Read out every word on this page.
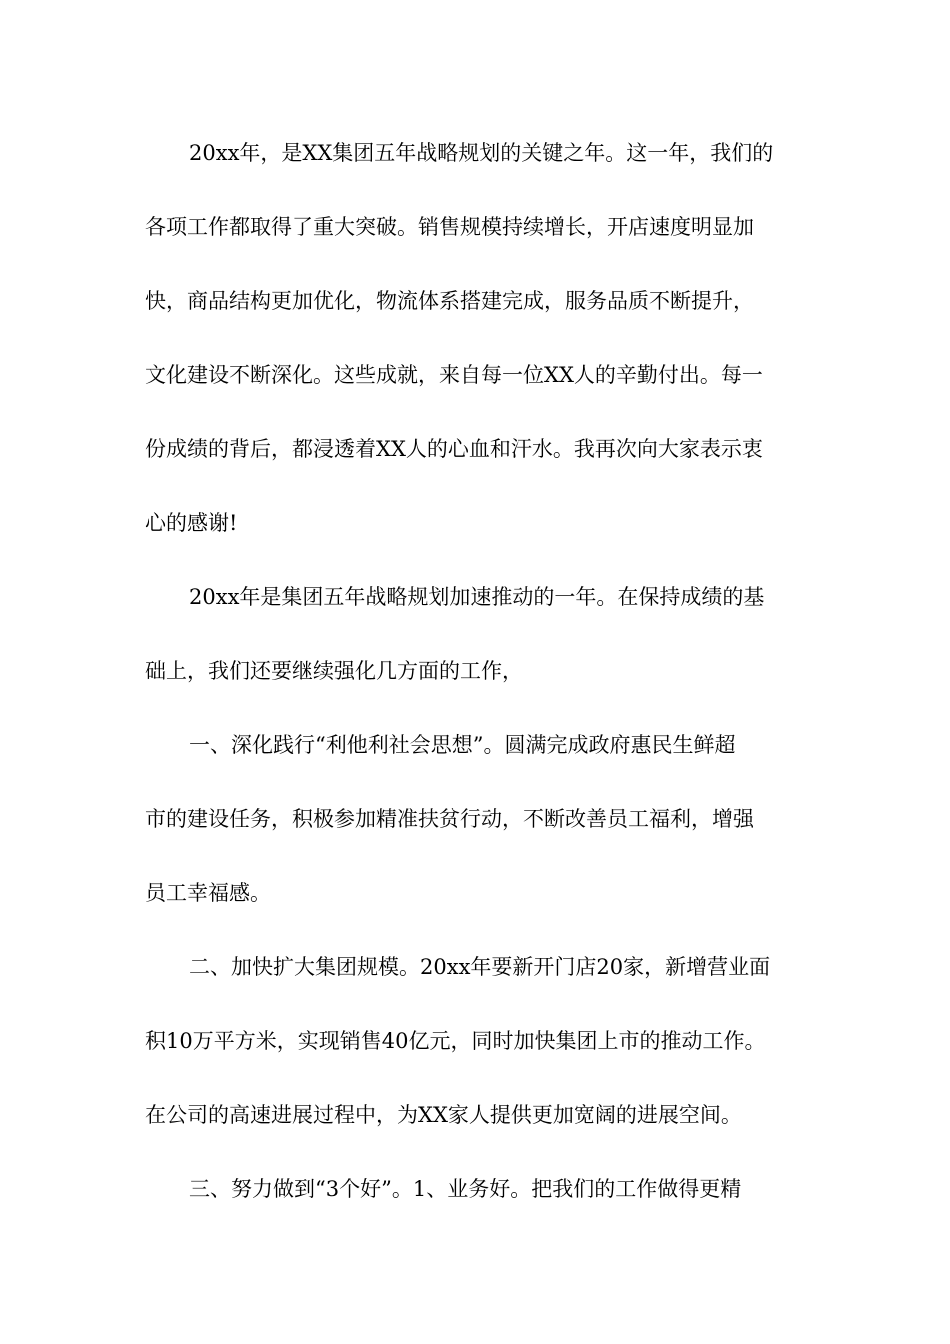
20xx年，是XX集团五年战略规划的关键之年。这一年，我们的
各项工作都取得了重大突破。销售规模持续增长，开店速度明显加
快，商品结构更加优化，物流体系搭建完成，服务品质不断提升，
文化建设不断深化。这些成就，来自每一位XX人的辛勤付出。每一
份成绩的背后，都浸透着XX人的心血和汗水。我再次向大家表示衷
心的感谢!
20xx年是集团五年战略规划加速推动的一年。在保持成绩的基
础上，我们还要继续强化几方面的工作，
一、深化践行“利他利社会思想”。圆满完成政府惠民生鲜超
市的建设任务，积极参加精准扶贫行动，不断改善员工福利，增强
员工幸福感。
二、加快扩大集团规模。20xx年要新开门店20家，新增营业面
积10万平方米，实现销售40亿元，同时加快集团上市的推动工作。
在公司的高速进展过程中，为XX家人提供更加宽阔的进展空间。
三、努力做到“3个好”。1、业务好。把我们的工作做得更精
